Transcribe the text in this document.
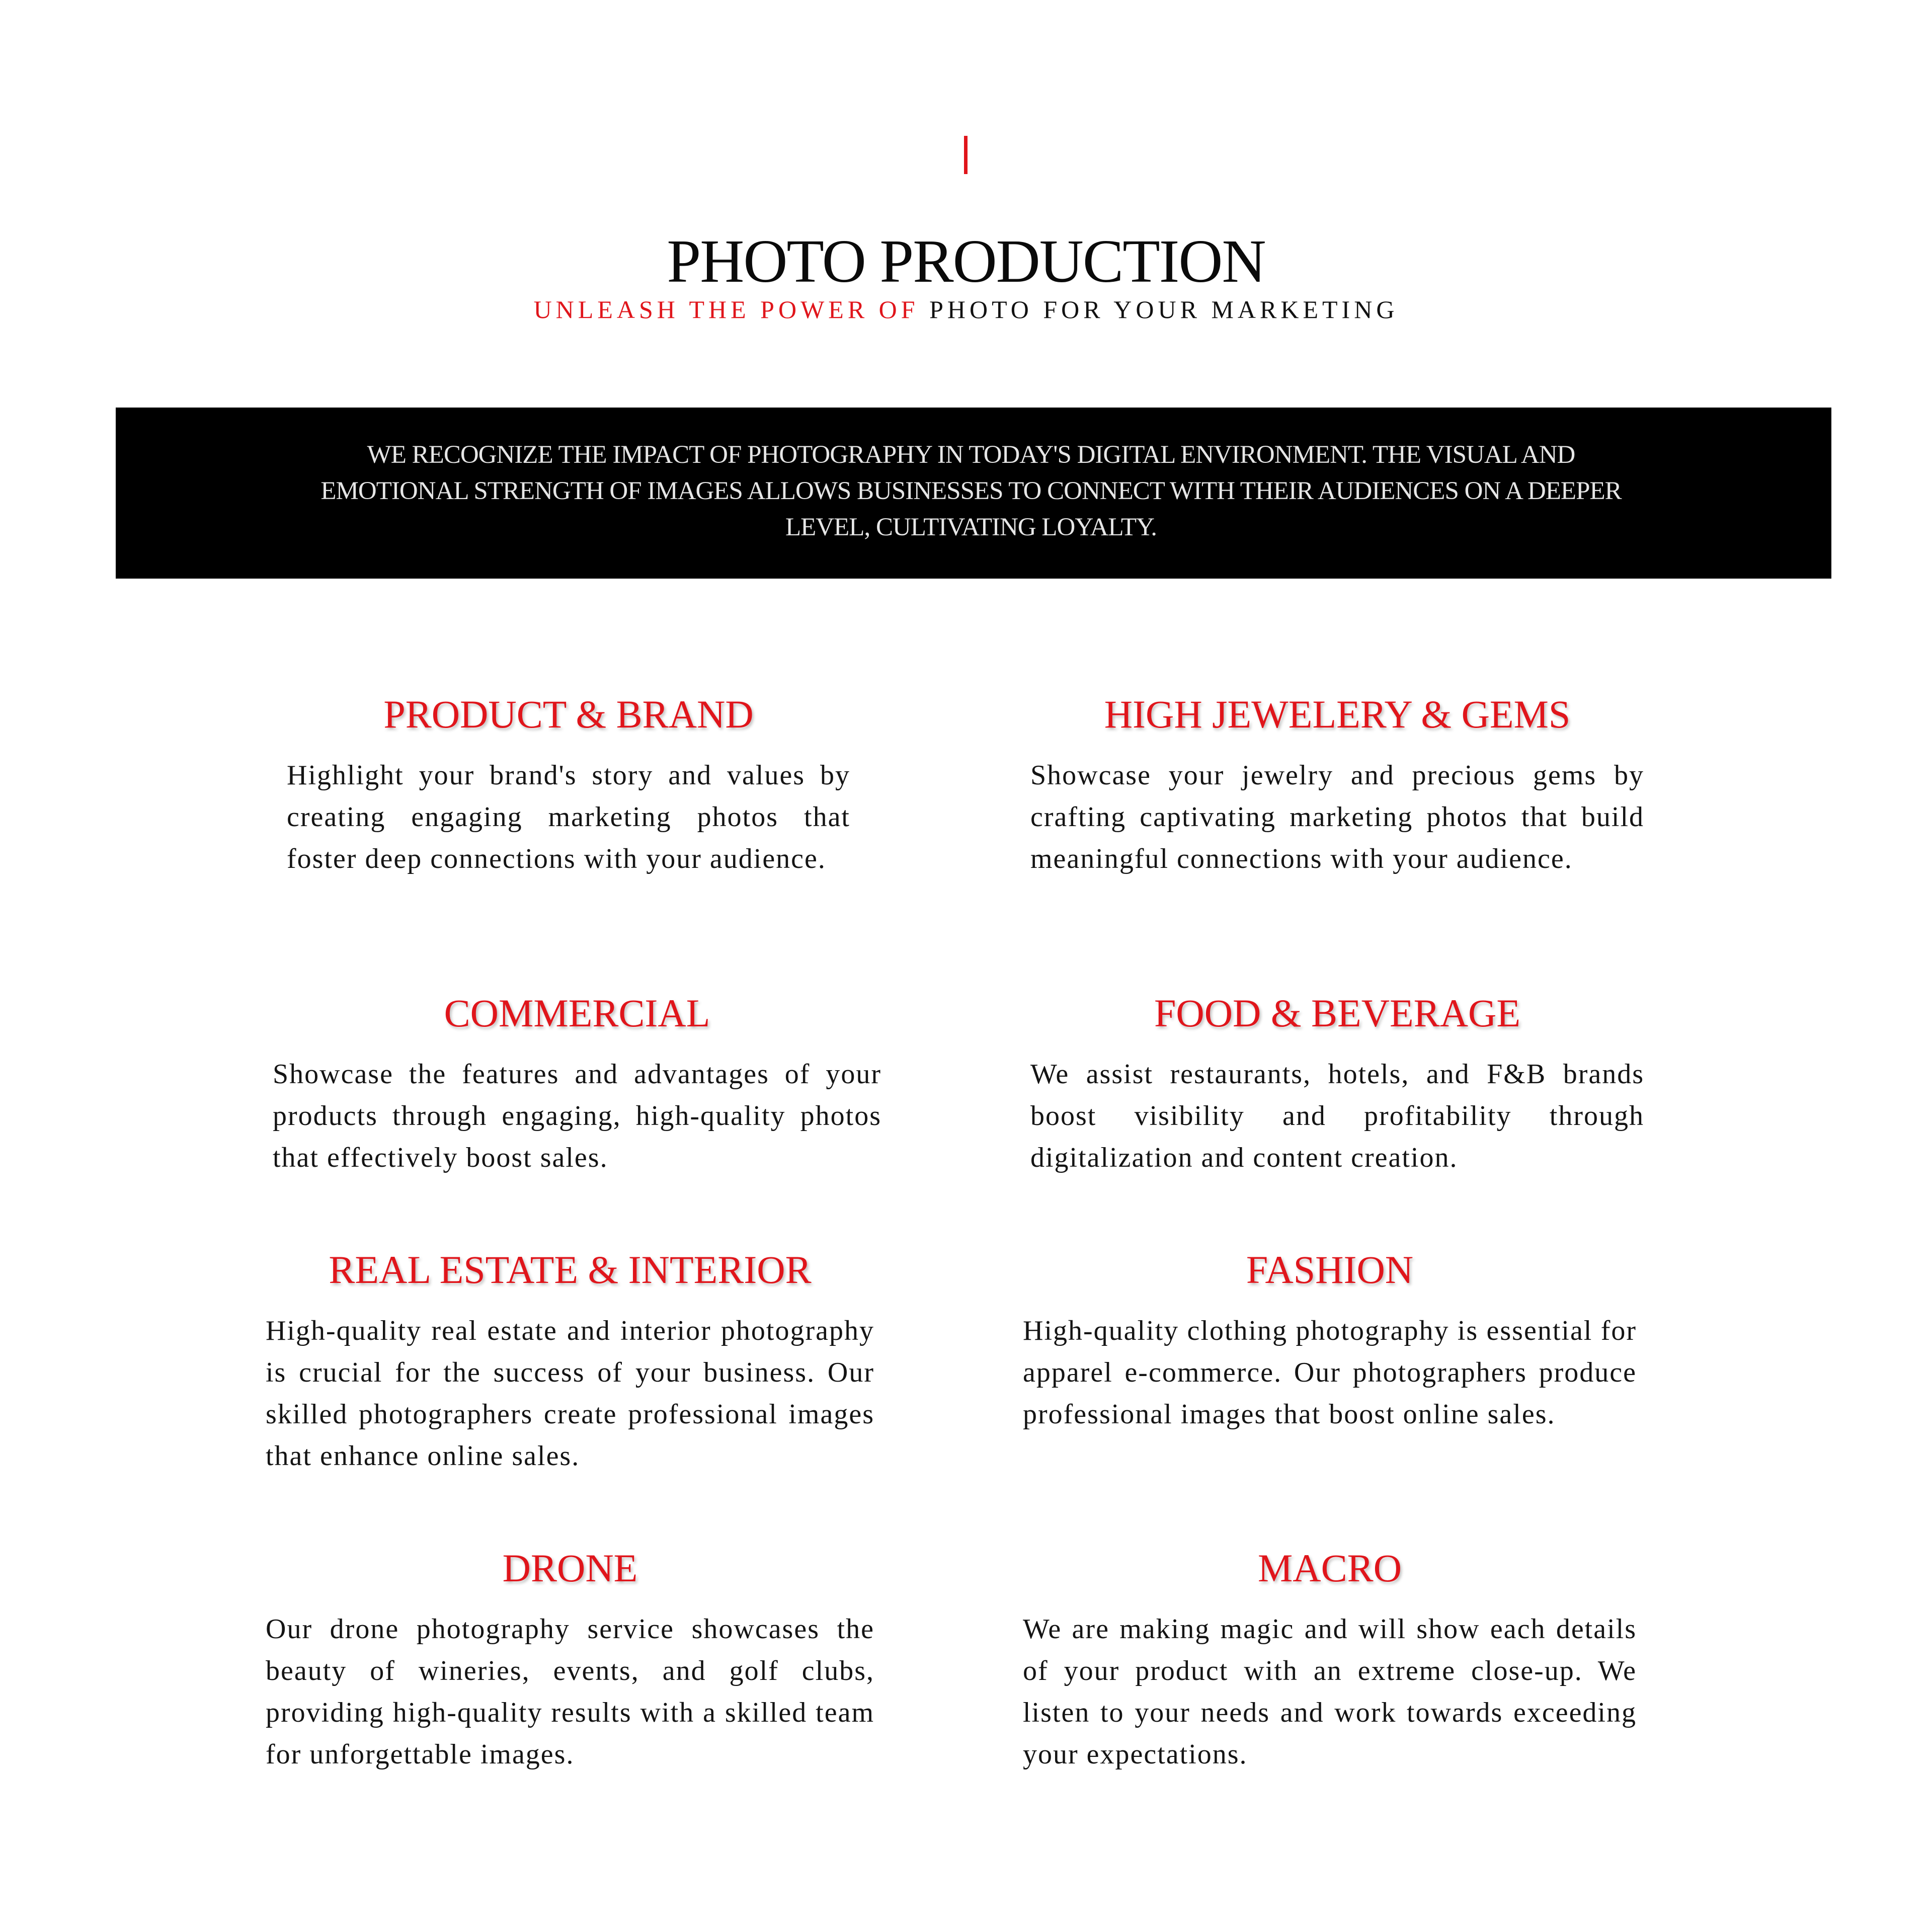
PHOTO PRODUCTION
UNLEASH THE POWER OF PHOTO FOR YOUR MARKETING
WE RECOGNIZE THE IMPACT OF PHOTOGRAPHY IN TODAY'S DIGITAL ENVIRONMENT. THE VISUAL AND EMOTIONAL STRENGTH OF IMAGES ALLOWS BUSINESSES TO CONNECT WITH THEIR AUDIENCES ON A DEEPER LEVEL, CULTIVATING LOYALTY.
PRODUCT & BRAND

Highlight your brand's story and values by creating engaging marketing photos that foster deep connections with your audience.

HIGH JEWELERY & GEMS

Showcase your jewelry and precious gems by crafting captivating marketing photos that build meaningful connections with your audience.

COMMERCIAL

Showcase the features and advantages of your products through engaging, high-quality photos that effectively boost sales.

FOOD & BEVERAGE

We assist restaurants, hotels, and F&B brands boost visibility and profitability through digitalization and content creation.

REAL ESTATE & INTERIOR

High-quality real estate and interior photography is crucial for the success of your business. Our skilled photographers create professional images that enhance online sales.

FASHION

High-quality clothing photography is essential for apparel e-commerce. Our photographers produce professional images that boost online sales.

DRONE

Our drone photography service showcases the beauty of wineries, events, and golf clubs, providing high-quality results with a skilled team for unforgettable images.

MACRO

We are making magic and will show each details of your product with an extreme close-up. We listen to your needs and work towards exceeding your expectations.
